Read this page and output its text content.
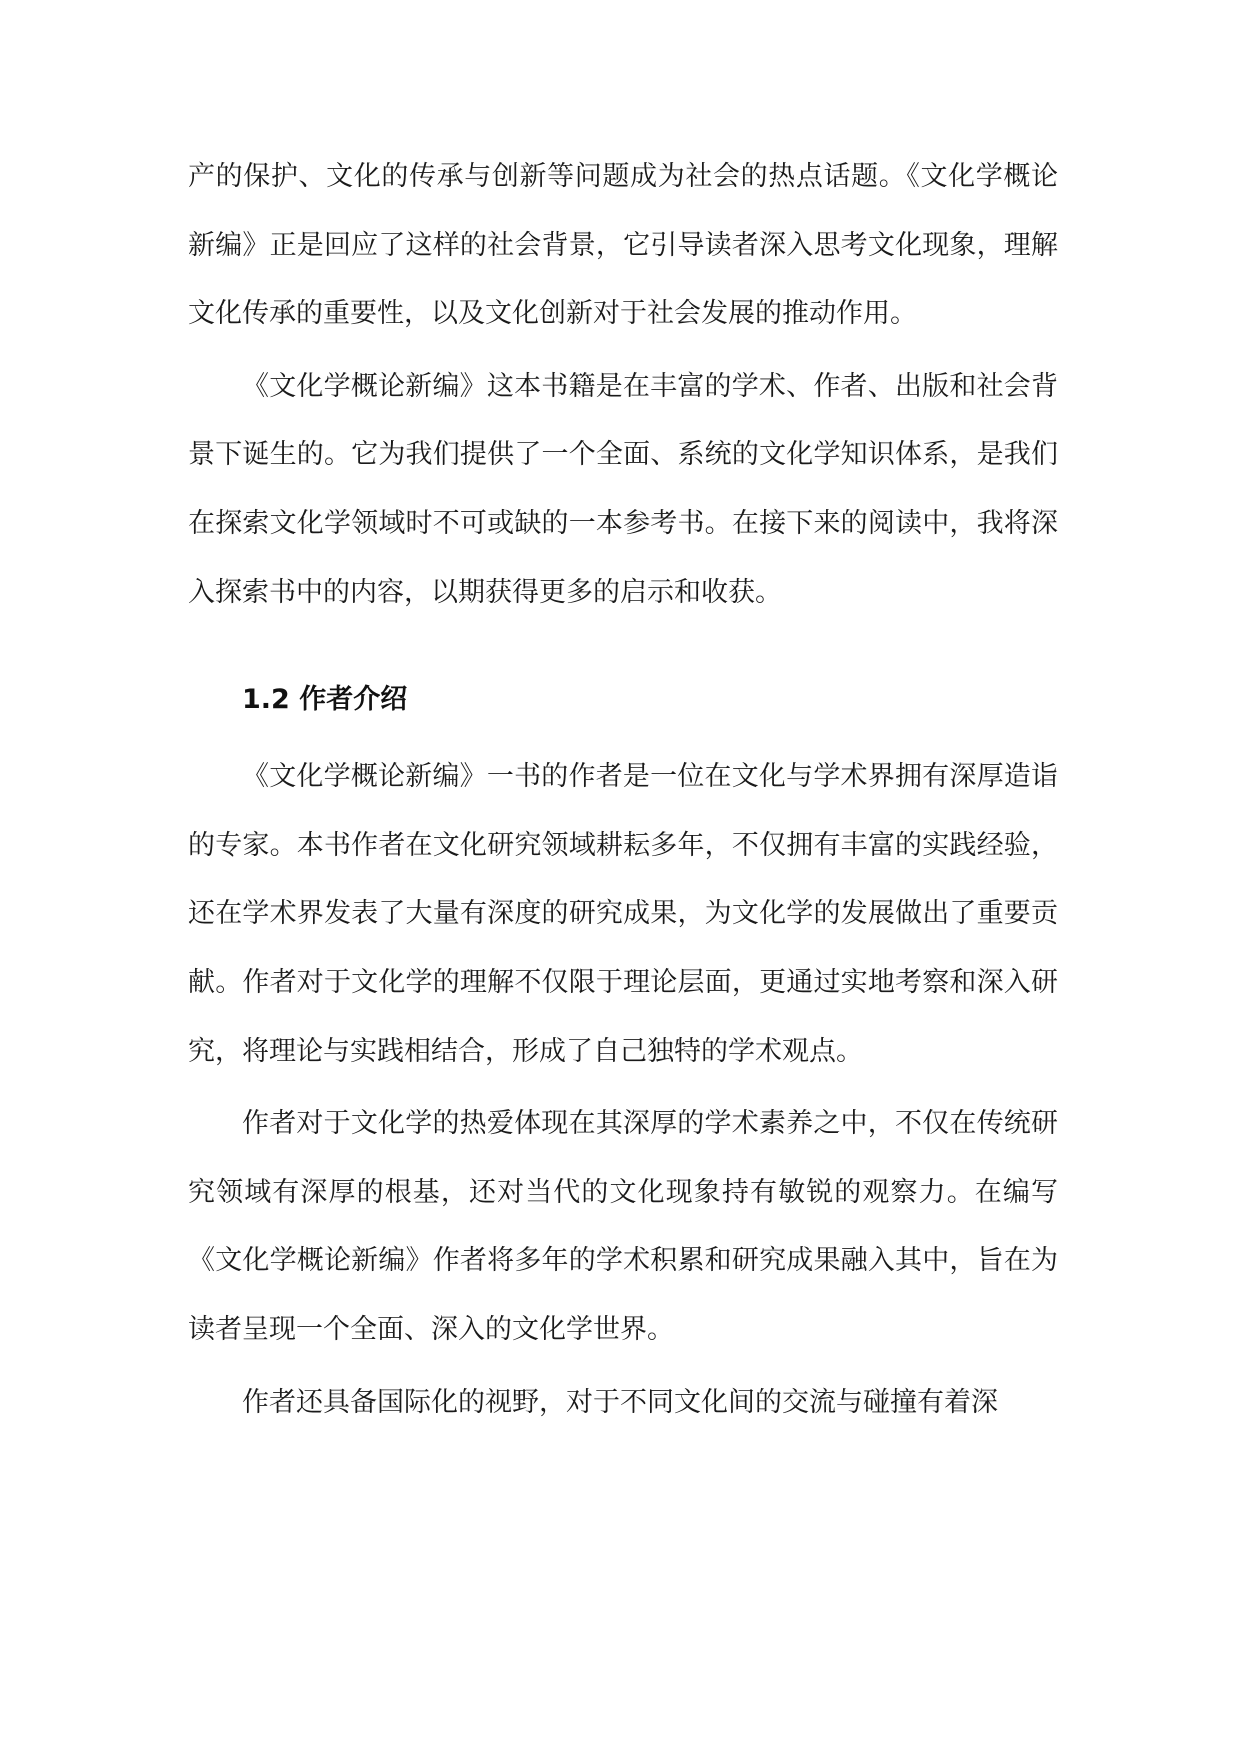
产的保护、文化的传承与创新等问题成为社会的热点话题。《文化学概论新编》正是回应了这样的社会背景，它引导读者深入思考文化现象，理解文化传承的重要性，以及文化创新对于社会发展的推动作用。

《文化学概论新编》这本书籍是在丰富的学术、作者、出版和社会背景下诞生的。它为我们提供了一个全面、系统的文化学知识体系，是我们在探索文化学领域时不可或缺的一本参考书。在接下来的阅读中，我将深入探索书中的内容，以期获得更多的启示和收获。

1.2 作者介绍

《文化学概论新编》一书的作者是一位在文化与学术界拥有深厚造诣的专家。本书作者在文化研究领域耕耘多年，不仅拥有丰富的实践经验，还在学术界发表了大量有深度的研究成果，为文化学的发展做出了重要贡献。作者对于文化学的理解不仅限于理论层面，更通过实地考察和深入研究，将理论与实践相结合，形成了自己独特的学术观点。

作者对于文化学的热爱体现在其深厚的学术素养之中，不仅在传统研究领域有深厚的根基，还对当代的文化现象持有敏锐的观察力。在编写《文化学概论新编》作者将多年的学术积累和研究成果融入其中，旨在为读者呈现一个全面、深入的文化学世界。

作者还具备国际化的视野，对于不同文化间的交流与碰撞有着深
